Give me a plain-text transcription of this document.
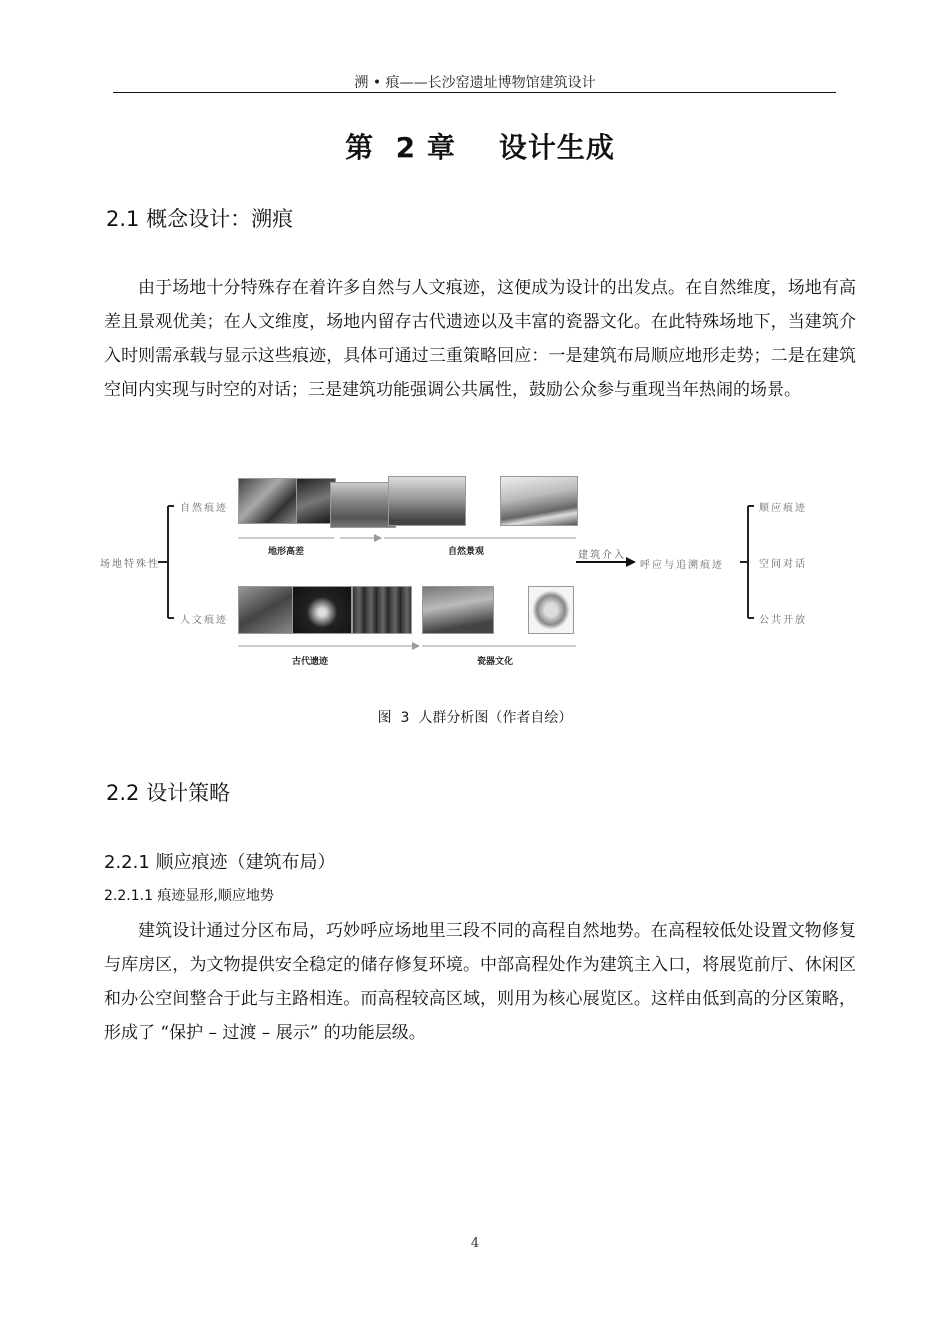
溯 • 痕——长沙窑遗址博物馆建筑设计
第  2 章    设计生成
2.1 概念设计：溯痕
由于场地十分特殊存在着许多自然与人文痕迹，这便成为设计的出发点。在自然维度，场地有高差且景观优美；在人文维度，场地内留存古代遗迹以及丰富的瓷器文化。在此特殊场地下，当建筑介入时则需承载与显示这些痕迹，具体可通过三重策略回应：一是建筑布局顺应地形走势；二是在建筑空间内实现与时空的对话；三是建筑功能强调公共属性，鼓励公众参与重现当年热闹的场景。
场地特殊性
自然痕迹
人文痕迹
地形高差	自然景观
古代遗迹	瓷器文化
建筑介入
呼应与追溯痕迹
顺应痕迹
空间对话
公共开放
图  3  人群分析图（作者自绘）
2.2 设计策略
2.2.1 顺应痕迹（建筑布局）
2.2.1.1 痕迹显形,顺应地势
建筑设计通过分区布局，巧妙呼应场地里三段不同的高程自然地势。在高程较低处设置文物修复与库房区，为文物提供安全稳定的储存修复环境。中部高程处作为建筑主入口，将展览前厅、休闲区和办公空间整合于此与主路相连。而高程较高区域，则用为核心展览区。这样由低到高的分区策略，形成了 “保护 – 过渡 – 展示” 的功能层级。
4
